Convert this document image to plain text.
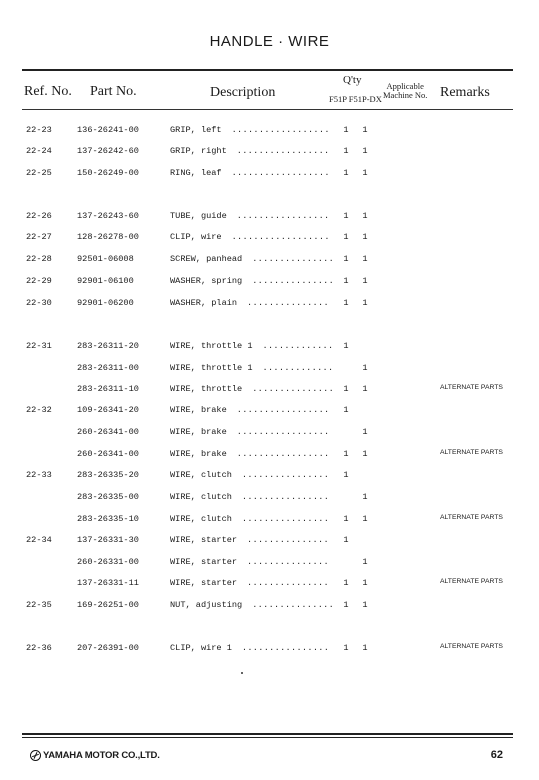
HANDLE · WIRE
Ref. No. Part No.	Description
Q'ty
F51P F51P-DX
Applicable
Machine No. Remarks
22-23	136-26241-00	GRIP, left .................. 1 1
22-24	137-26242-60	GRIP, right ................. 1 1
22-25	150-26249-00	RING, leaf .................. 1 1
22-26	137-26243-60	TUBE, guide ................. 1 1
22-27	128-26278-00	CLIP, wire .................. 1 1
22-28	92501-06008	SCREW, panhead ............... 1 1
22-29	92901-06100	WASHER, spring ............... 1 1
22-30	92901-06200	WASHER, plain ............... 1 1
22-31	283-26311-20	WIRE, throttle 1 ............. 1
283-26311-00	WIRE, throttle 1 .............	1
283-26311-10	WIRE, throttle ............... 1 1	ALTERNATE PARTS
22-32	109-26341-20	WIRE, brake ................. 1
260-26341-00	WIRE, brake .................	1
260-26341-00	WIRE, brake ................. 1 1	ALTERNATE PARTS
22-33	283-26335-20	WIRE, clutch ................ 1
283-26335-00	WIRE, clutch ................	1
283-26335-10	WIRE, clutch ................ 1 1	ALTERNATE PARTS
22-34	137-26331-30	WIRE, starter ............... 1
260-26331-00	WIRE, starter ...............	1
137-26331-11	WIRE, starter ............... 1 1	ALTERNATE PARTS
22-35	169-26251-00	NUT, adjusting ............... 1 1
22-36	207-26391-00	CLIP, wire 1 ................ 1 1	ALTERNATE PARTS
YAMAHA MOTOR CO.,LTD.	62
